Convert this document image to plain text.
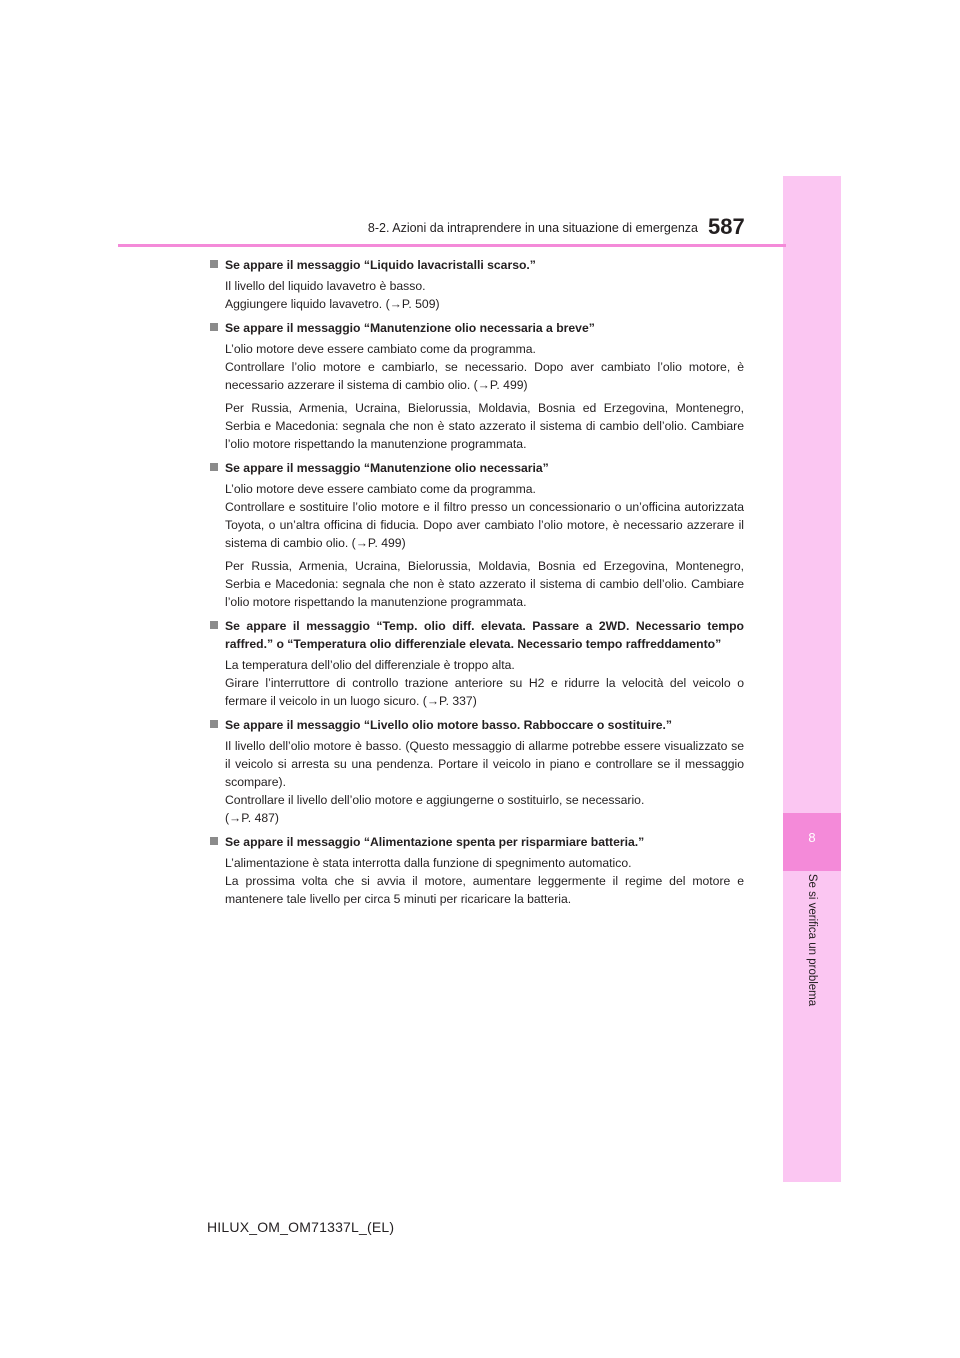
8
Se si verifica un problema
8-2. Azioni da intraprendere in una situazione di emergenza 587
Se appare il messaggio “Liquido lavacristalli scarso.”
Il livello del liquido lavavetro è basso.
Aggiungere liquido lavavetro. (→P. 509)
Se appare il messaggio “Manutenzione olio necessaria a breve”
L’olio motore deve essere cambiato come da programma.
Controllare l’olio motore e cambiarlo, se necessario. Dopo aver cambiato l’olio motore, è necessario azzerare il sistema di cambio olio. (→P. 499)
Per Russia, Armenia, Ucraina, Bielorussia, Moldavia, Bosnia ed Erzegovina, Montenegro, Serbia e Macedonia: segnala che non è stato azzerato il sistema di cambio dell’olio. Cambiare l’olio motore rispettando la manutenzione programmata.
Se appare il messaggio “Manutenzione olio necessaria”
L’olio motore deve essere cambiato come da programma.
Controllare e sostituire l’olio motore e il filtro presso un concessionario o un’officina autorizzata Toyota, o un’altra officina di fiducia. Dopo aver cambiato l’olio motore, è necessario azzerare il sistema di cambio olio. (→P. 499)
Per Russia, Armenia, Ucraina, Bielorussia, Moldavia, Bosnia ed Erzegovina, Montenegro, Serbia e Macedonia: segnala che non è stato azzerato il sistema di cambio dell’olio. Cambiare l’olio motore rispettando la manutenzione programmata.
Se appare il messaggio “Temp. olio diff. elevata. Passare a 2WD. Necessario tempo raffred.” o “Temperatura olio differenziale elevata. Necessario tempo raffreddamento”
La temperatura dell’olio del differenziale è troppo alta.
Girare l’interruttore di controllo trazione anteriore su H2 e ridurre la velocità del veicolo o fermare il veicolo in un luogo sicuro. (→P. 337)
Se appare il messaggio “Livello olio motore basso. Rabboccare o sostituire.”
Il livello dell’olio motore è basso. (Questo messaggio di allarme potrebbe essere visualizzato se il veicolo si arresta su una pendenza. Portare il veicolo in piano e controllare se il messaggio scompare).
Controllare il livello dell’olio motore e aggiungerne o sostituirlo, se necessario.
(→P. 487)
Se appare il messaggio “Alimentazione spenta per risparmiare batteria.”
L’alimentazione è stata interrotta dalla funzione di spegnimento automatico.
La prossima volta che si avvia il motore, aumentare leggermente il regime del motore e mantenere tale livello per circa 5 minuti per ricaricare la batteria.
HILUX_OM_OM71337L_(EL)
